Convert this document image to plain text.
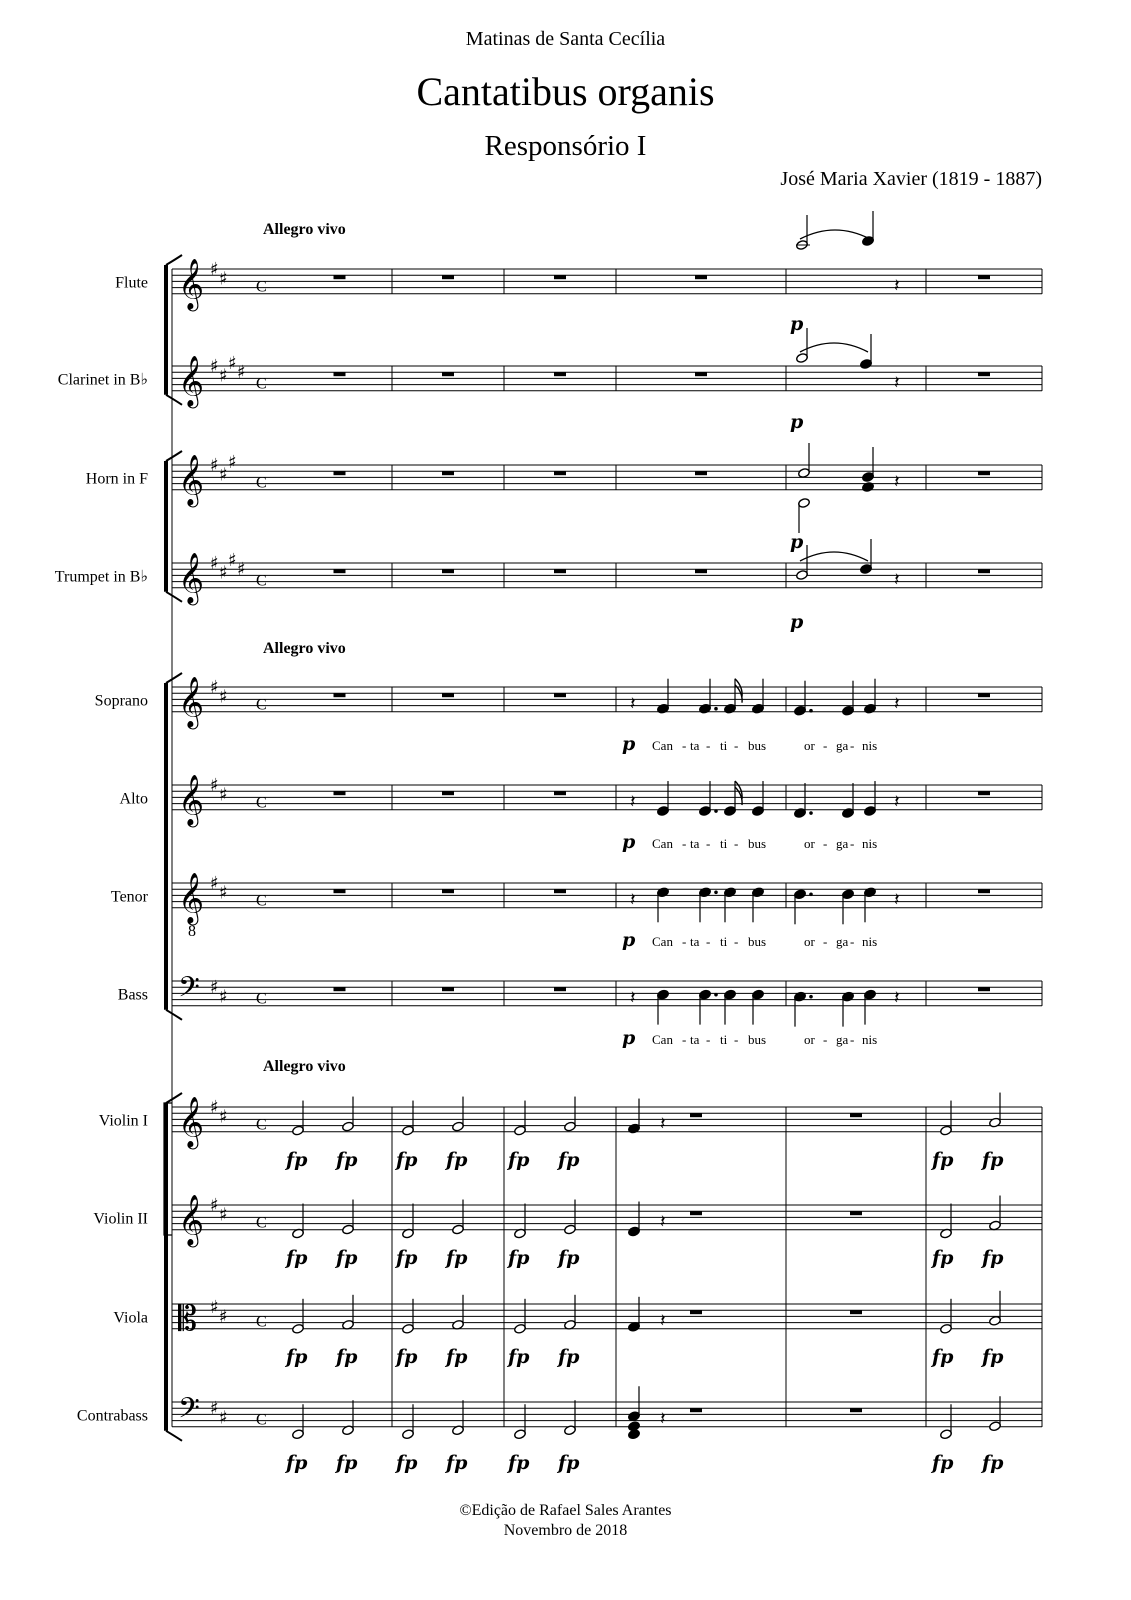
Matinas de Santa Cecília
Cantatibus organis
Responsório I
José Maria Xavier (1819 - 1887)
Flute 𝄞 ♯ ♯ C
Clarinet in B♭ 𝄞 ♯ ♯
♯ ♯
C
Horn in F 𝄞 ♯ ♯
♯
C
Trumpet in B♭ 𝄞 ♯ ♯
♯ ♯
C
Soprano 𝄞 ♯ ♯ C
Alto 𝄞 ♯ ♯ C
Tenor 𝄞
8
♯ ♯ C
Bass 𝄢 ♯ ♯ C
Violin I 𝄞 ♯ ♯ C
Violin II 𝄞 ♯ ♯ C
Viola 𝄡 ♯ ♯ C
Contrabass 𝄢 ♯ ♯ C
Allegro vivo
Allegro vivo
Allegro vivo
𝄽
𝄽
𝄽
𝄽
p
p
p
p
𝄽	𝄽
p Can - ta - ti - bus	or - ga - nis
𝄽	𝄽
p Can - ta - ti - bus	or - ga - nis
𝄽	𝄽
p Can - ta - ti - bus	or - ga - nis
𝄽	𝄽
p Can - ta - ti - bus	or - ga - nis
𝄽
fp fp fp fp fp fp	fp fp
𝄽
fp fp fp fp fp fp	fp fp
𝄽
fp fp fp fp fp fp	fp fp
𝄽
fp fp fp fp fp fp	fp fp
©Edição de Rafael Sales Arantes
Novembro de 2018
